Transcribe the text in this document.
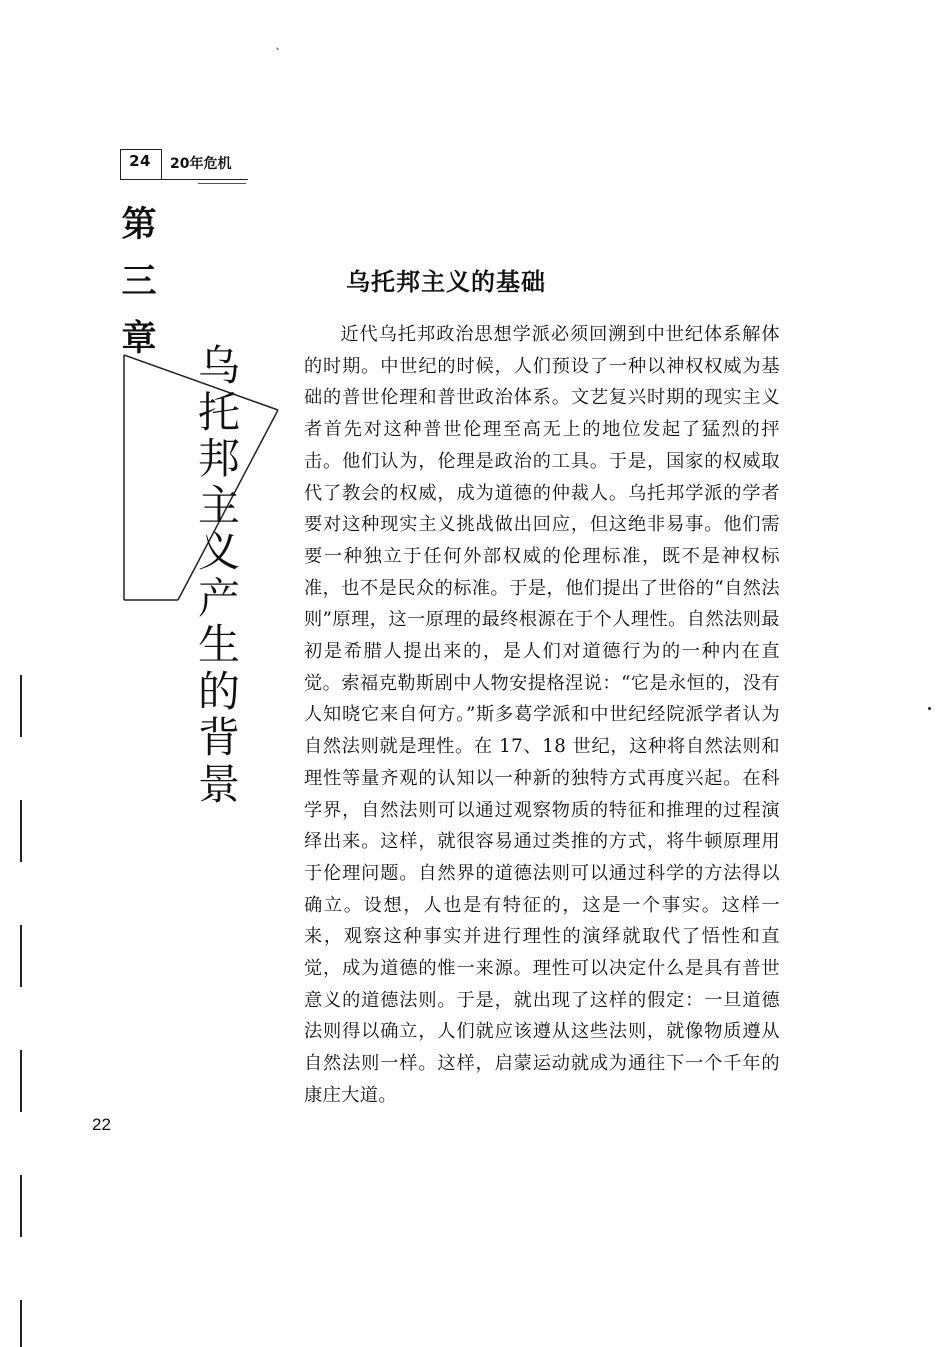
24	20年危机
ˎ
第
三
章
乌
托
邦
主
义
产
生
的
背
景
乌托邦主义的基础
近代乌托邦政治思想学派必须回溯到中世纪体系解体的时期。中世纪的时候，人们预设了一种以神权权威为基础的普世伦理和普世政治体系。文艺复兴时期的现实主义者首先对这种普世伦理至高无上的地位发起了猛烈的抨击。他们认为，伦理是政治的工具。于是，国家的权威取代了教会的权威，成为道德的仲裁人。乌托邦学派的学者要对这种现实主义挑战做出回应，但这绝非易事。他们需要一种独立于任何外部权威的伦理标准，既不是神权标准，也不是民众的标准。于是，他们提出了世俗的“自然法则”原理，这一原理的最终根源在于个人理性。自然法则最初是希腊人提出来的，是人们对道德行为的一种内在直觉。索福克勒斯剧中人物安提格涅说：“它是永恒的，没有人知晓它来自何方。”斯多葛学派和中世纪经院派学者认为自然法则就是理性。在 17、18 世纪，这种将自然法则和理性等量齐观的认知以一种新的独特方式再度兴起。在科学界，自然法则可以通过观察物质的特征和推理的过程演绎出来。这样，就很容易通过类推的方式，将牛顿原理用于伦理问题。自然界的道德法则可以通过科学的方法得以确立。设想，人也是有特征的，这是一个事实。这样一来，观察这种事实并进行理性的演绎就取代了悟性和直觉，成为道德的惟一来源。理性可以决定什么是具有普世意义的道德法则。于是，就出现了这样的假定：一旦道德法则得以确立，人们就应该遵从这些法则，就像物质遵从自然法则一样。这样，启蒙运动就成为通往下一个千年的康庄大道。
22
